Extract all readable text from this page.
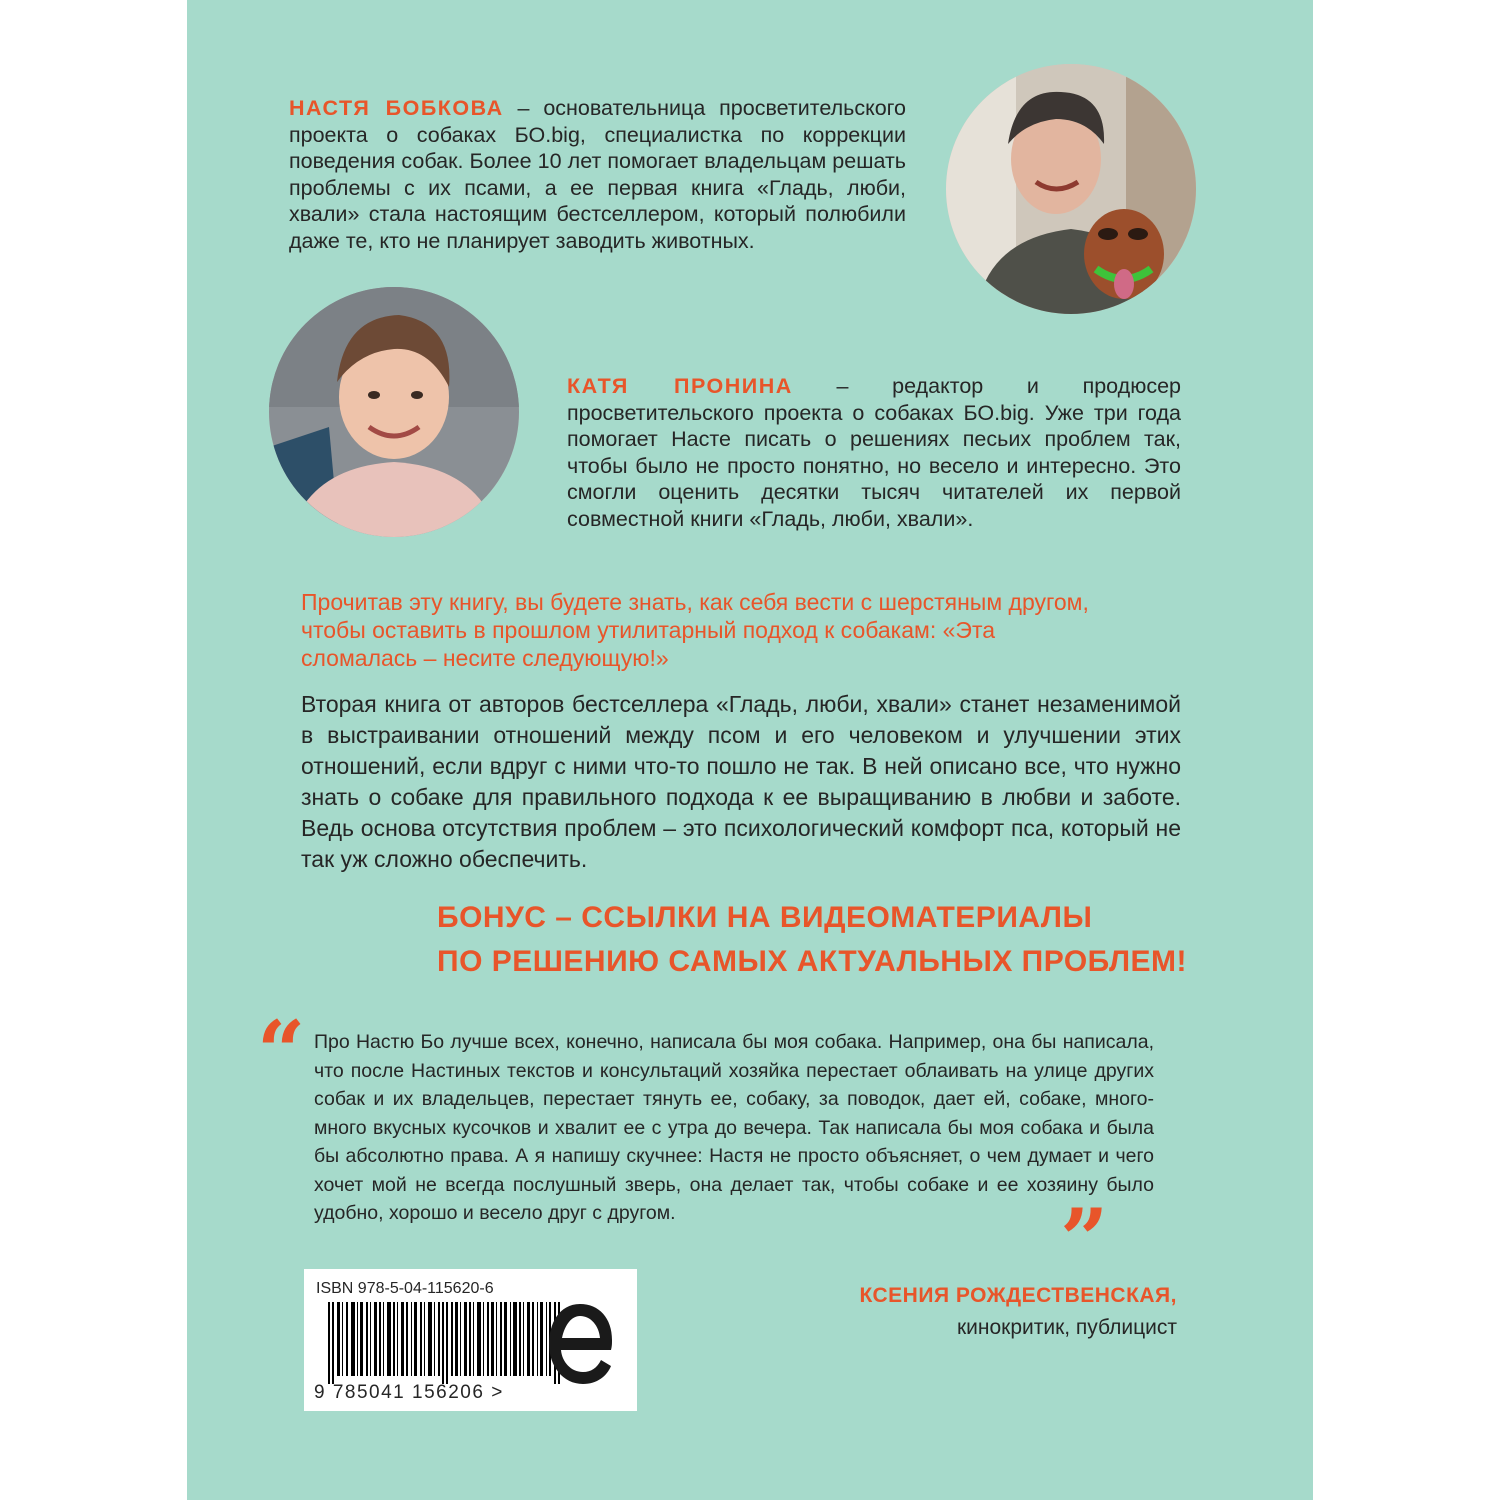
НАСТЯ БОБКОВА – основательница просветительского проекта о собаках БО.big, специалистка по коррекции поведения собак. Более 10 лет помогает владельцам решать проблемы с их псами, а ее первая книга «Гладь, люби, хвали» стала настоящим бестселлером, который полюбили даже те, кто не планирует заводить животных.
КАТЯ ПРОНИНА – редактор и продюсер просветительского проекта о собаках БО.big. Уже три года помогает Насте писать о решениях песьих проблем так, чтобы было не просто понятно, но весело и интересно. Это смогли оценить десятки тысяч читателей их первой совместной книги «Гладь, люби, хвали».
Прочитав эту книгу, вы будете знать, как себя вести с шерстяным другом, чтобы оставить в прошлом утилитарный подход к собакам: «Эта сломалась – несите следующую!»
Вторая книга от авторов бестселлера «Гладь, люби, хвали» станет незаменимой в выстраивании отношений между псом и его человеком и улучшении этих отношений, если вдруг с ними что-то пошло не так. В ней описано все, что нужно знать о собаке для правильного подхода к ее выращиванию в любви и заботе. Ведь основа отсутствия проблем – это психологический комфорт пса, который не так уж сложно обеспечить.
БОНУС – ССЫЛКИ НА ВИДЕОМАТЕРИАЛЫ
ПО РЕШЕНИЮ САМЫХ АКТУАЛЬНЫХ ПРОБЛЕМ!
“ Про Настю Бо лучше всех, конечно, написала бы моя собака. Например, она бы написала, что после Настиных текстов и консультаций хозяйка перестает облаивать на улице других собак и их владельцев, перестает тянуть ее, собаку, за поводок, дает ей, собаке, много-много вкусных кусочков и хвалит ее с утра до вечера. Так написала бы моя собака и была бы абсолютно права. А я напишу скучнее: Настя не просто объясняет, о чем думает и чего хочет мой не всегда послушный зверь, она делает так, чтобы собаке и ее хозяину было удобно, хорошо и весело друг с другом.	”
КСЕНИЯ РОЖДЕСТВЕНСКАЯ,
кинокритик, публицист
ISBN 978-5-04-115620-6
9 785041 156206 >
